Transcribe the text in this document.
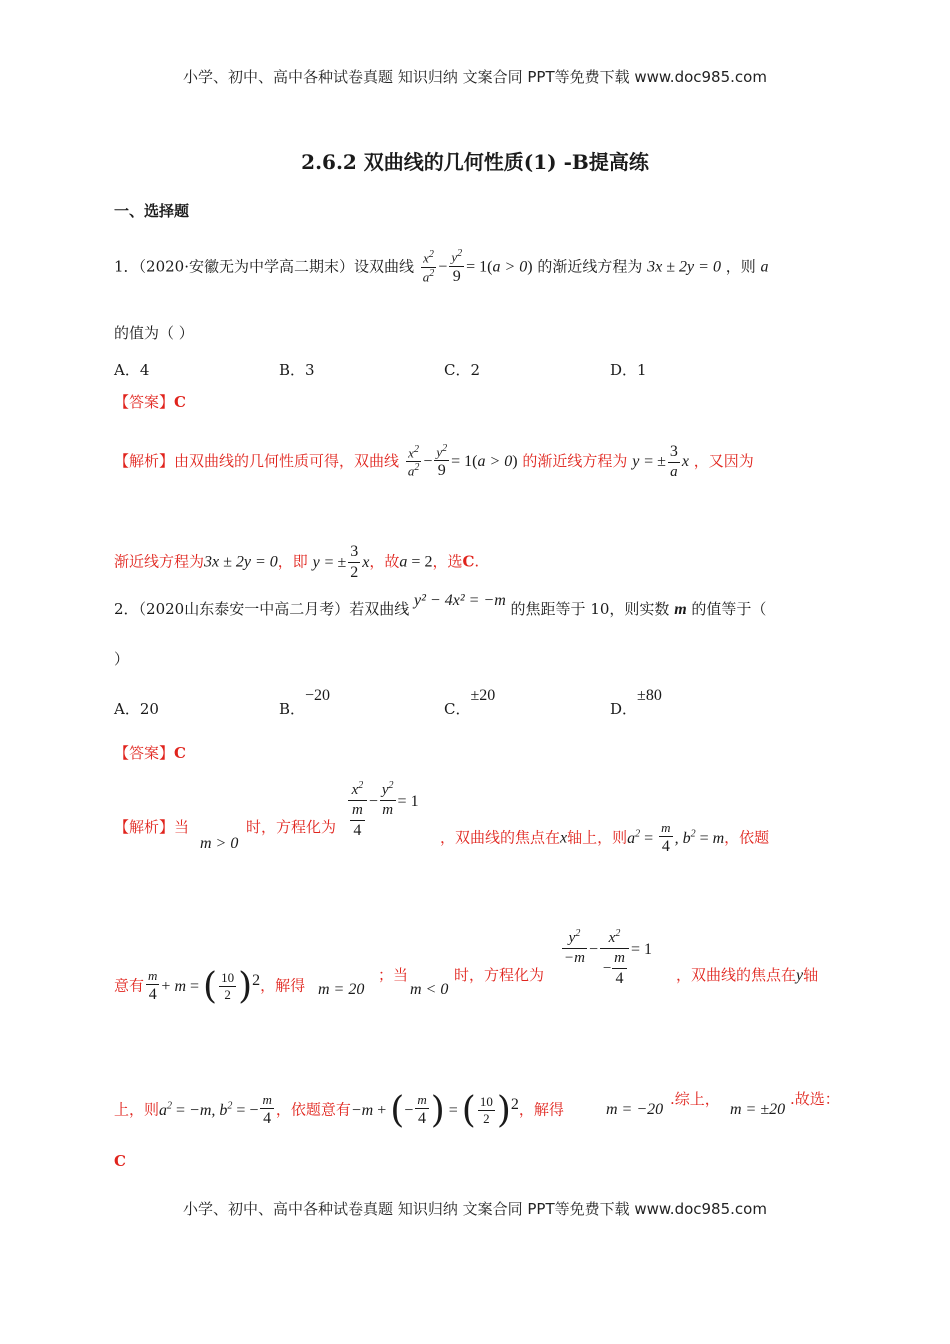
小学、初中、高中各种试卷真题 知识归纳 文案合同 PPT等免费下载 www.doc985.com
2.6.2 双曲线的几何性质(1) -B提高练
一、选择题
1．（2020·安徽无为中学高二期末）设双曲线 $\frac{x^2}{a^2} - \frac{y^2}{9} = 1(a > 0)$ 的渐近线方程为 3x ± 2y = 0 ，则 a
的值为（ ）
A．4	B．3	C．2	D．1
【答案】C
【解析】由双曲线的几何性质可得，双曲线 $\frac{x^2}{a^2} - \frac{y^2}{9} = 1(a > 0)$ 的渐近线方程为 y = ± $\frac{3}{a}$ x ，又因为
渐近线方程为3x ± 2y = 0，即 y = ± $\frac{3}{2}$ x，故a = 2，选C.
2．（2020山东泰安一中高二月考）若双曲线 y² − 4x² = −m 的焦距等于 10，则实数 m 的值等于（
）
A．20	B．−20
C．±20
D．±80
【答案】C
【解析】当
m > 0
时，方程化为 $\frac{x^2}{\frac{m}{4}} - \frac{y^2}{m} = 1$
，双曲线的焦点在x轴上，则$a^2 = \frac{m}{4}$ , $b^2 = m$，依题
意有 $\frac{m}{4} + m$ = ( $\frac{10}{2} )^2$，解得 m = 20
；当
m < 0
时，方程化为
$\frac{y^2}{-m} - \frac{x^2}{- \frac{m}{4}} = 1$
，双曲线的焦点在y轴
上，则$a^2 = -m$, $b^2$ = − $\frac{m}{4}$ ，依题意有−m + (− $\frac{m}{4}$ ) = ( $\frac{10}{2} )^2$，解得	m = −20
.综上，
m = ±20
.故选：
C
小学、初中、高中各种试卷真题 知识归纳 文案合同 PPT等免费下载 www.doc985.com
